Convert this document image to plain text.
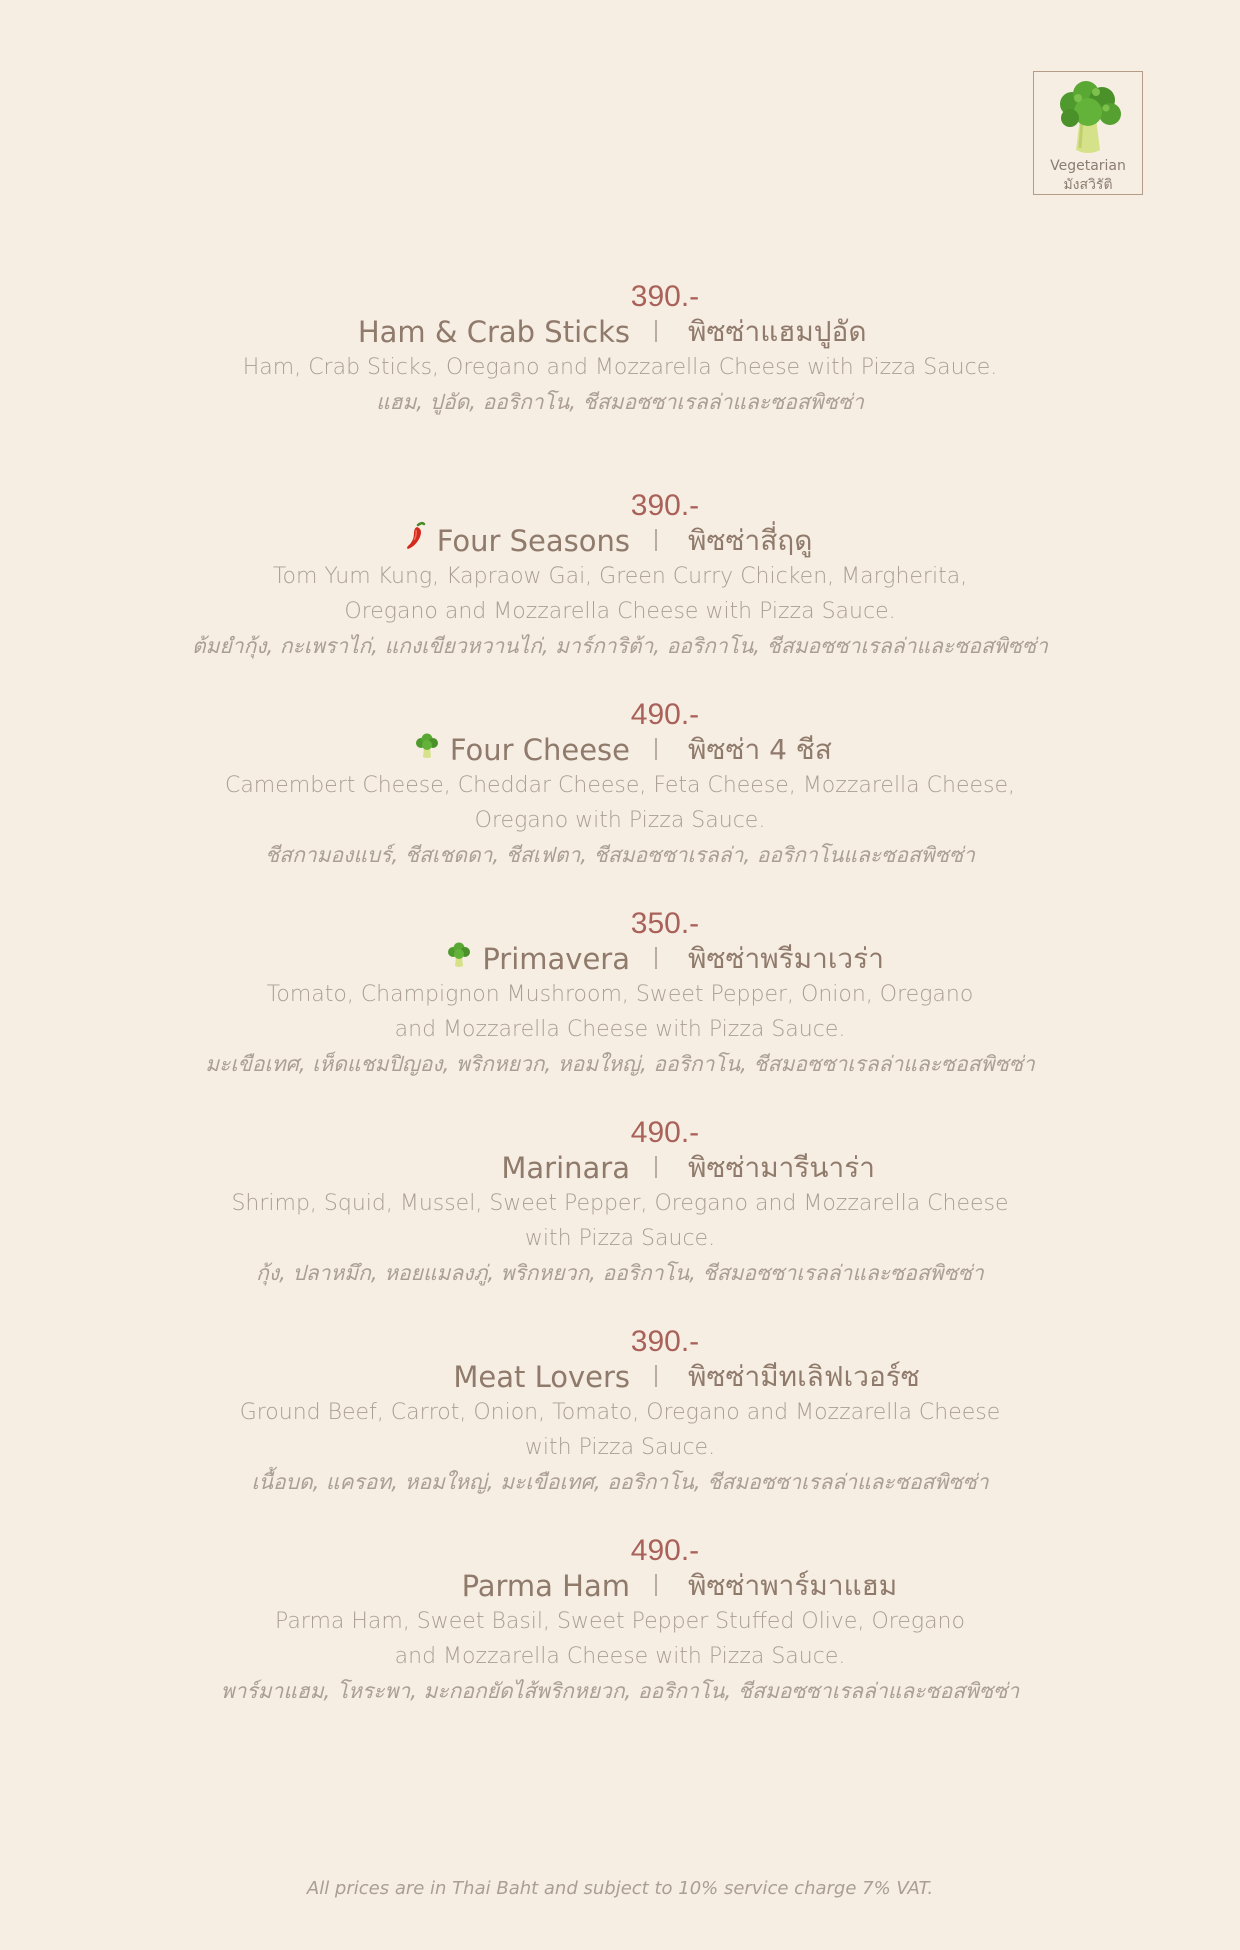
Vegetarian
มังสวิรัติ
390.-
Ham & Crab Sticks พิซซ่าแฮมปูอัด
Ham, Crab Sticks, Oregano and Mozzarella Cheese with Pizza Sauce.
แฮม, ปูอัด, ออริกาโน, ชีสมอซซาเรลล่าและซอสพิซซ่า
390.-
Four Seasons พิซซ่าสี่ฤดู
Tom Yum Kung, Kapraow Gai, Green Curry Chicken, Margherita,
Oregano and Mozzarella Cheese with Pizza Sauce.
ต้มยำกุ้ง, กะเพราไก่, แกงเขียวหวานไก่, มาร์การิต้า, ออริกาโน, ชีสมอซซาเรลล่าและซอสพิซซ่า
490.-
Four Cheese พิซซ่า 4 ชีส
Camembert Cheese, Cheddar Cheese, Feta Cheese, Mozzarella Cheese,
Oregano with Pizza Sauce.
ชีสกามองแบร์, ชีสเชดดา, ชีสเฟตา, ชีสมอซซาเรลล่า, ออริกาโนและซอสพิซซ่า
350.-
Primavera พิซซ่าพรีมาเวร่า
Tomato, Champignon Mushroom, Sweet Pepper, Onion, Oregano
and Mozzarella Cheese with Pizza Sauce.
มะเขือเทศ, เห็ดแชมปิญอง, พริกหยวก, หอมใหญ่, ออริกาโน, ชีสมอซซาเรลล่าและซอสพิซซ่า
490.-
Marinara พิซซ่ามารีนาร่า
Shrimp, Squid, Mussel, Sweet Pepper, Oregano and Mozzarella Cheese
with Pizza Sauce.
กุ้ง, ปลาหมึก, หอยแมลงภู่, พริกหยวก, ออริกาโน, ชีสมอซซาเรลล่าและซอสพิซซ่า
390.-
Meat Lovers พิซซ่ามีทเลิฟเวอร์ซ
Ground Beef, Carrot, Onion, Tomato, Oregano and Mozzarella Cheese
with Pizza Sauce.
เนื้อบด, แครอท, หอมใหญ่, มะเขือเทศ, ออริกาโน, ชีสมอซซาเรลล่าและซอสพิซซ่า
490.-
Parma Ham พิซซ่าพาร์มาแฮม
Parma Ham, Sweet Basil, Sweet Pepper Stuffed Olive, Oregano
and Mozzarella Cheese with Pizza Sauce.
พาร์มาแฮม, โหระพา, มะกอกยัดไส้พริกหยวก, ออริกาโน, ชีสมอซซาเรลล่าและซอสพิซซ่า
All prices are in Thai Baht and subject to 10% service charge 7% VAT.
